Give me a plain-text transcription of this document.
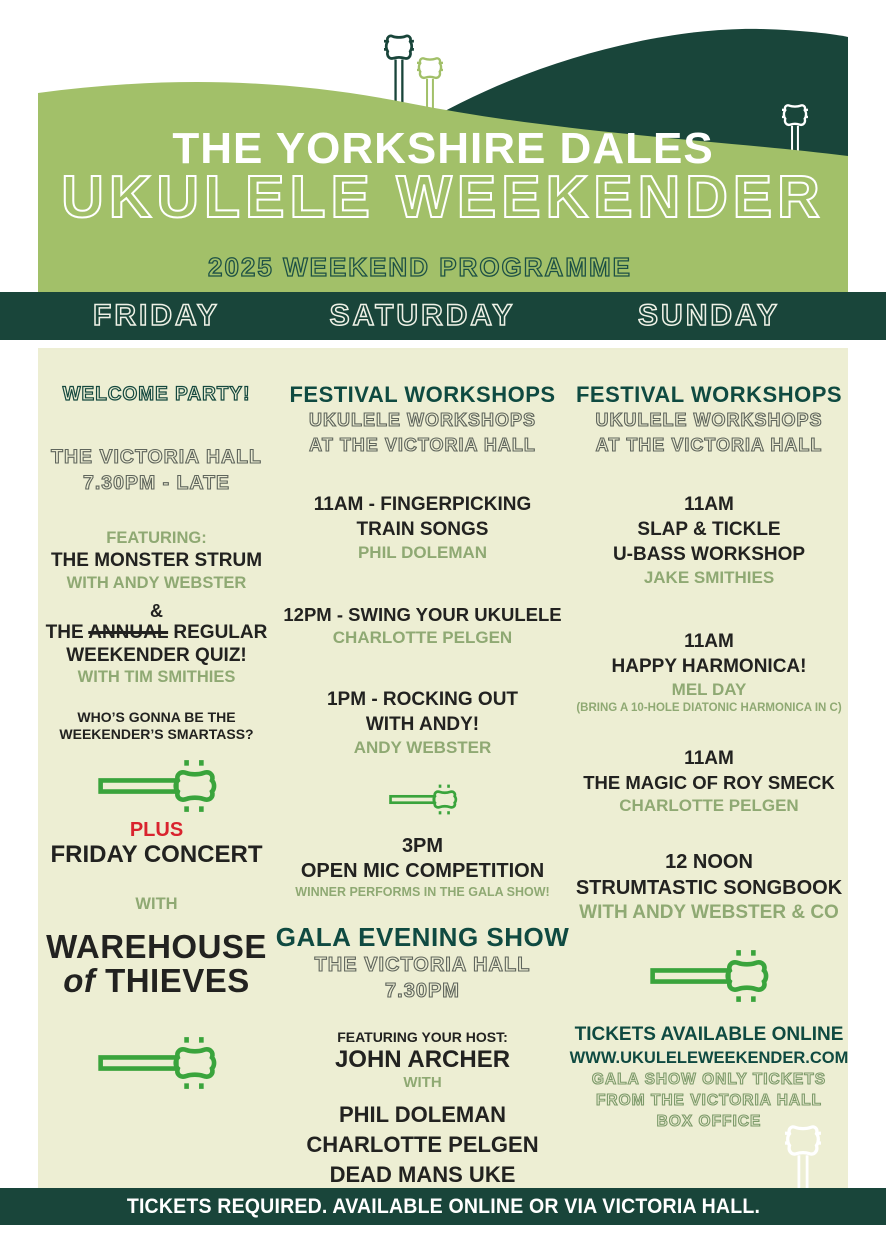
THE YORKSHIRE DALES
UKULELE WEEKENDER
2025 WEEKEND PROGRAMME
FRIDAY	SATURDAY	SUNDAY
WELCOME PARTY!
THE VICTORIA HALL
7.30PM - LATE
FEATURING:
THE MONSTER STRUM
WITH ANDY WEBSTER
&
THE ANNUAL REGULAR
WEEKENDER QUIZ!
WITH TIM SMITHIES
WHO’S GONNA BE THE
WEEKENDER’S SMARTASS?
PLUS
FRIDAY CONCERT
WITH
WAREHOUSE
of THIEVES
FESTIVAL WORKSHOPS
UKULELE WORKSHOPS
AT THE VICTORIA HALL
11AM - FINGERPICKING
TRAIN SONGS
PHIL DOLEMAN
12PM - SWING YOUR UKULELE
CHARLOTTE PELGEN
1PM - ROCKING OUT
WITH ANDY!
ANDY WEBSTER
3PM
OPEN MIC COMPETITION
WINNER PERFORMS IN THE GALA SHOW!
GALA EVENING SHOW
THE VICTORIA HALL
7.30PM
FEATURING YOUR HOST:
JOHN ARCHER
WITH
PHIL DOLEMAN
CHARLOTTE PELGEN
DEAD MANS UKE
FESTIVAL WORKSHOPS
UKULELE WORKSHOPS
AT THE VICTORIA HALL
11AM
SLAP & TICKLE
U-BASS WORKSHOP
JAKE SMITHIES
11AM
HAPPY HARMONICA!
MEL DAY
(BRING A 10-HOLE DIATONIC HARMONICA IN C)
11AM
THE MAGIC OF ROY SMECK
CHARLOTTE PELGEN
12 NOON
STRUMTASTIC SONGBOOK
WITH ANDY WEBSTER & CO
TICKETS AVAILABLE ONLINE
WWW.UKULELEWEEKENDER.COM
GALA SHOW ONLY TICKETS
FROM THE VICTORIA HALL
BOX OFFICE
TICKETS REQUIRED. AVAILABLE ONLINE OR VIA VICTORIA HALL.
